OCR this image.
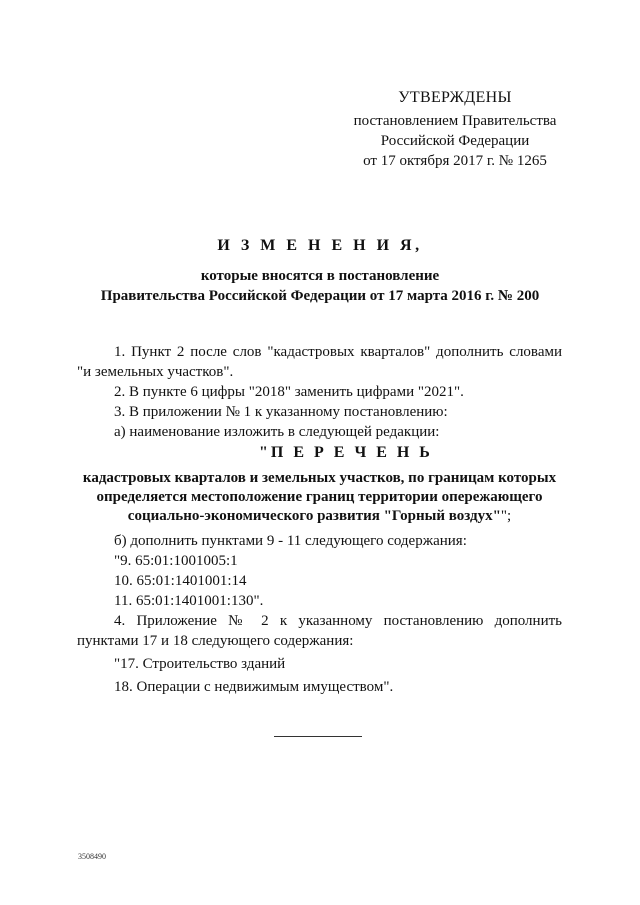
УТВЕРЖДЕНЫ
постановлением Правительства
Российской Федерации
от 17 октября 2017 г. № 1265
И З М Е Н Е Н И Я,
которые вносятся в постановление
Правительства Российской Федерации от 17 марта 2016 г. № 200
1. Пункт 2 после слов "кадастровых кварталов" дополнить словами
"и земельных участков".
2. В пункте 6 цифры "2018" заменить цифрами "2021".
3. В приложении № 1 к указанному постановлению:
а) наименование изложить в следующей редакции:
"П Е Р Е Ч Е Н Ь
кадастровых кварталов и земельных участков, по границам которых
определяется местоположение границ территории опережающего
социально-экономического развития "Горный воздух"";
б) дополнить пунктами 9 - 11 следующего содержания:
"9. 65:01:1001005:1
10. 65:01:1401001:14
11. 65:01:1401001:130".
4. Приложение № 2 к указанному постановлению дополнить
пунктами 17 и 18 следующего содержания:
"17. Строительство зданий
18. Операции с недвижимым имуществом".
3508490
